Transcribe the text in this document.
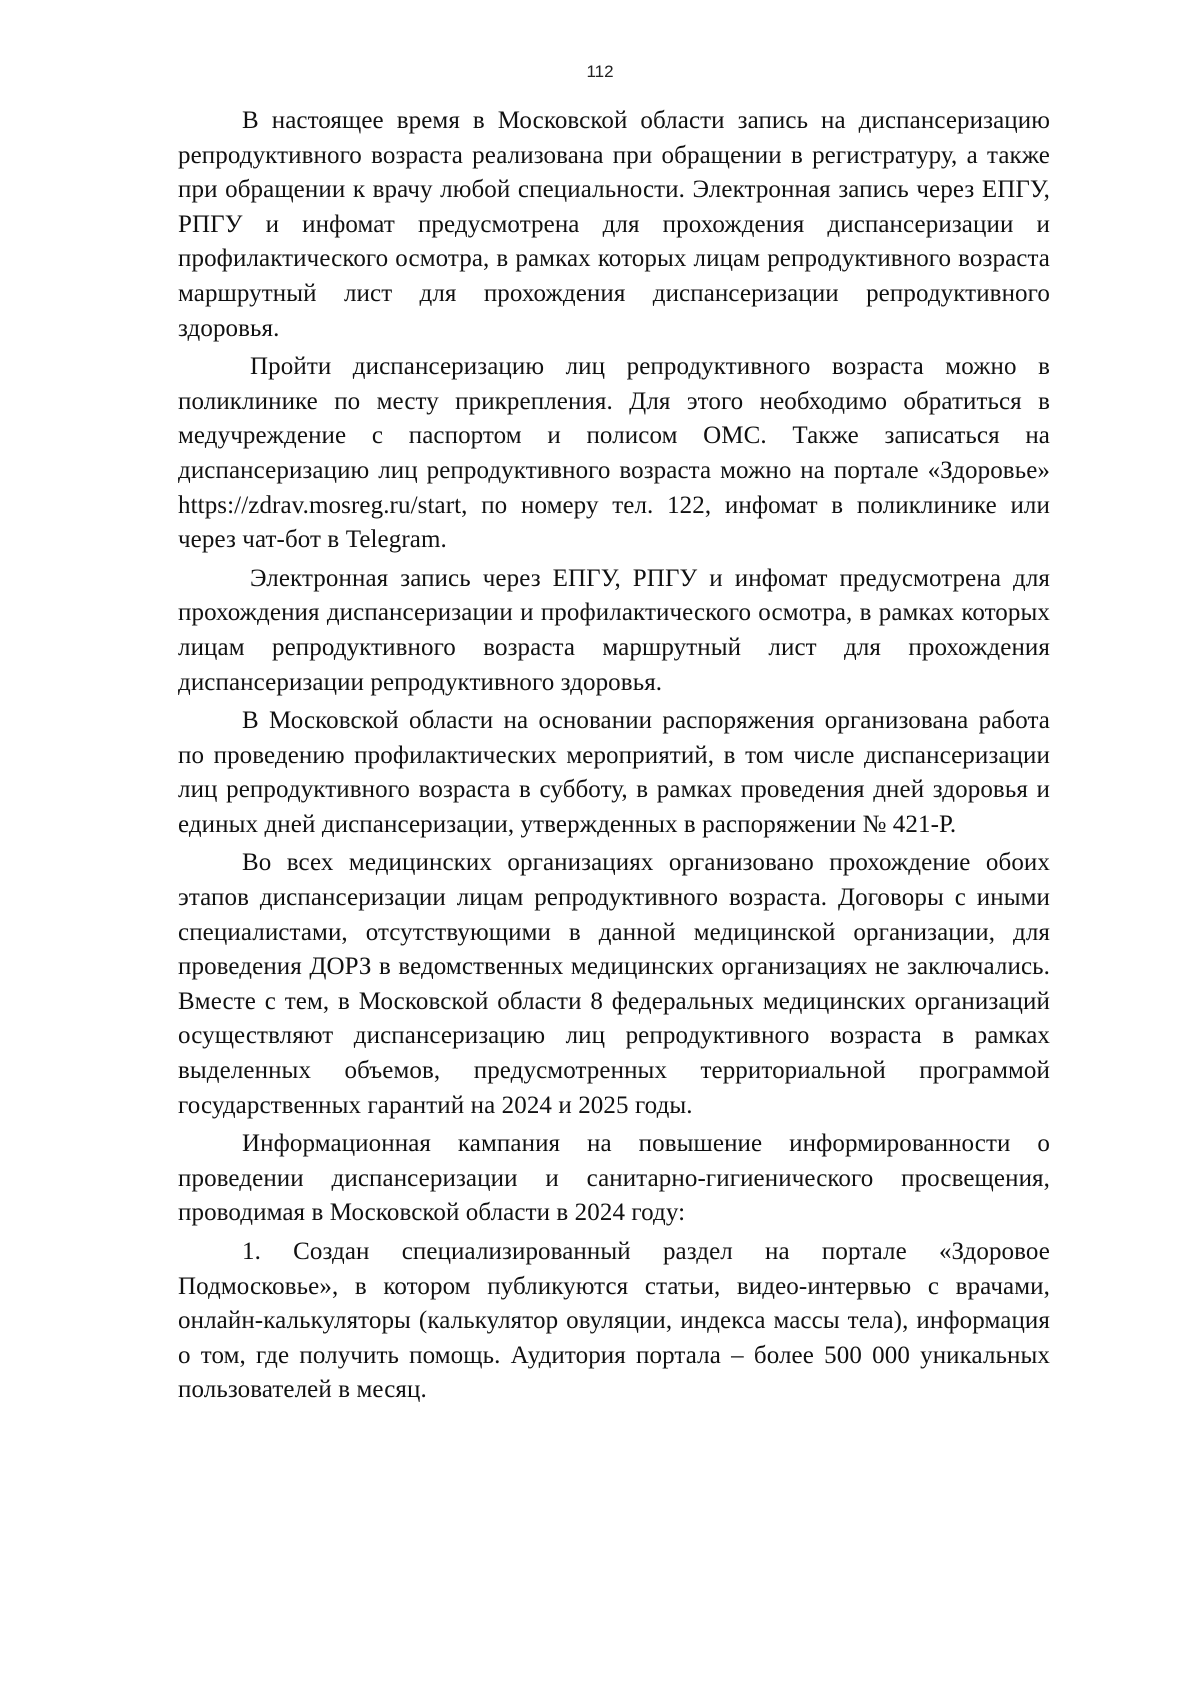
112

В настоящее время в Московской области запись на диспансеризацию репродуктивного возраста реализована при обращении в регистратуру, а также при обращении к врачу любой специальности. Электронная запись через ЕПГУ, РПГУ и инфомат предусмотрена для прохождения диспансеризации и профилактического осмотра, в рамках которых лицам репродуктивного возраста маршрутный лист для прохождения диспансеризации репродуктивного здоровья.

Пройти диспансеризацию лиц репродуктивного возраста можно в поликлинике по месту прикрепления. Для этого необходимо обратиться в медучреждение с паспортом и полисом ОМС. Также записаться на диспансеризацию лиц репродуктивного возраста можно на портале «Здоровье» https://zdrav.mosreg.ru/start, по номеру тел. 122, инфомат в поликлинике или через чат-бот в Telegram.

Электронная запись через ЕПГУ, РПГУ и инфомат предусмотрена для прохождения диспансеризации и профилактического осмотра, в рамках которых лицам репродуктивного возраста маршрутный лист для прохождения диспансеризации репродуктивного здоровья.

В Московской области на основании распоряжения организована работа по проведению профилактических мероприятий, в том числе диспансеризации лиц репродуктивного возраста в субботу, в рамках проведения дней здоровья и единых дней диспансеризации, утвержденных в распоряжении № 421-Р.

Во всех медицинских организациях организовано прохождение обоих этапов диспансеризации лицам репродуктивного возраста. Договоры с иными специалистами, отсутствующими в данной медицинской организации, для проведения ДОРЗ в ведомственных медицинских организациях не заключались. Вместе с тем, в Московской области 8 федеральных медицинских организаций осуществляют диспансеризацию лиц репродуктивного возраста в рамках выделенных объемов, предусмотренных территориальной программой государственных гарантий на 2024 и 2025 годы.

Информационная кампания на повышение информированности о проведении диспансеризации и санитарно-гигиенического просвещения, проводимая в Московской области в 2024 году:

1. Создан специализированный раздел на портале «Здоровое Подмосковье», в котором публикуются статьи, видео-интервью с врачами, онлайн-калькуляторы (калькулятор овуляции, индекса массы тела), информация о том, где получить помощь. Аудитория портала – более 500 000 уникальных пользователей в месяц.
